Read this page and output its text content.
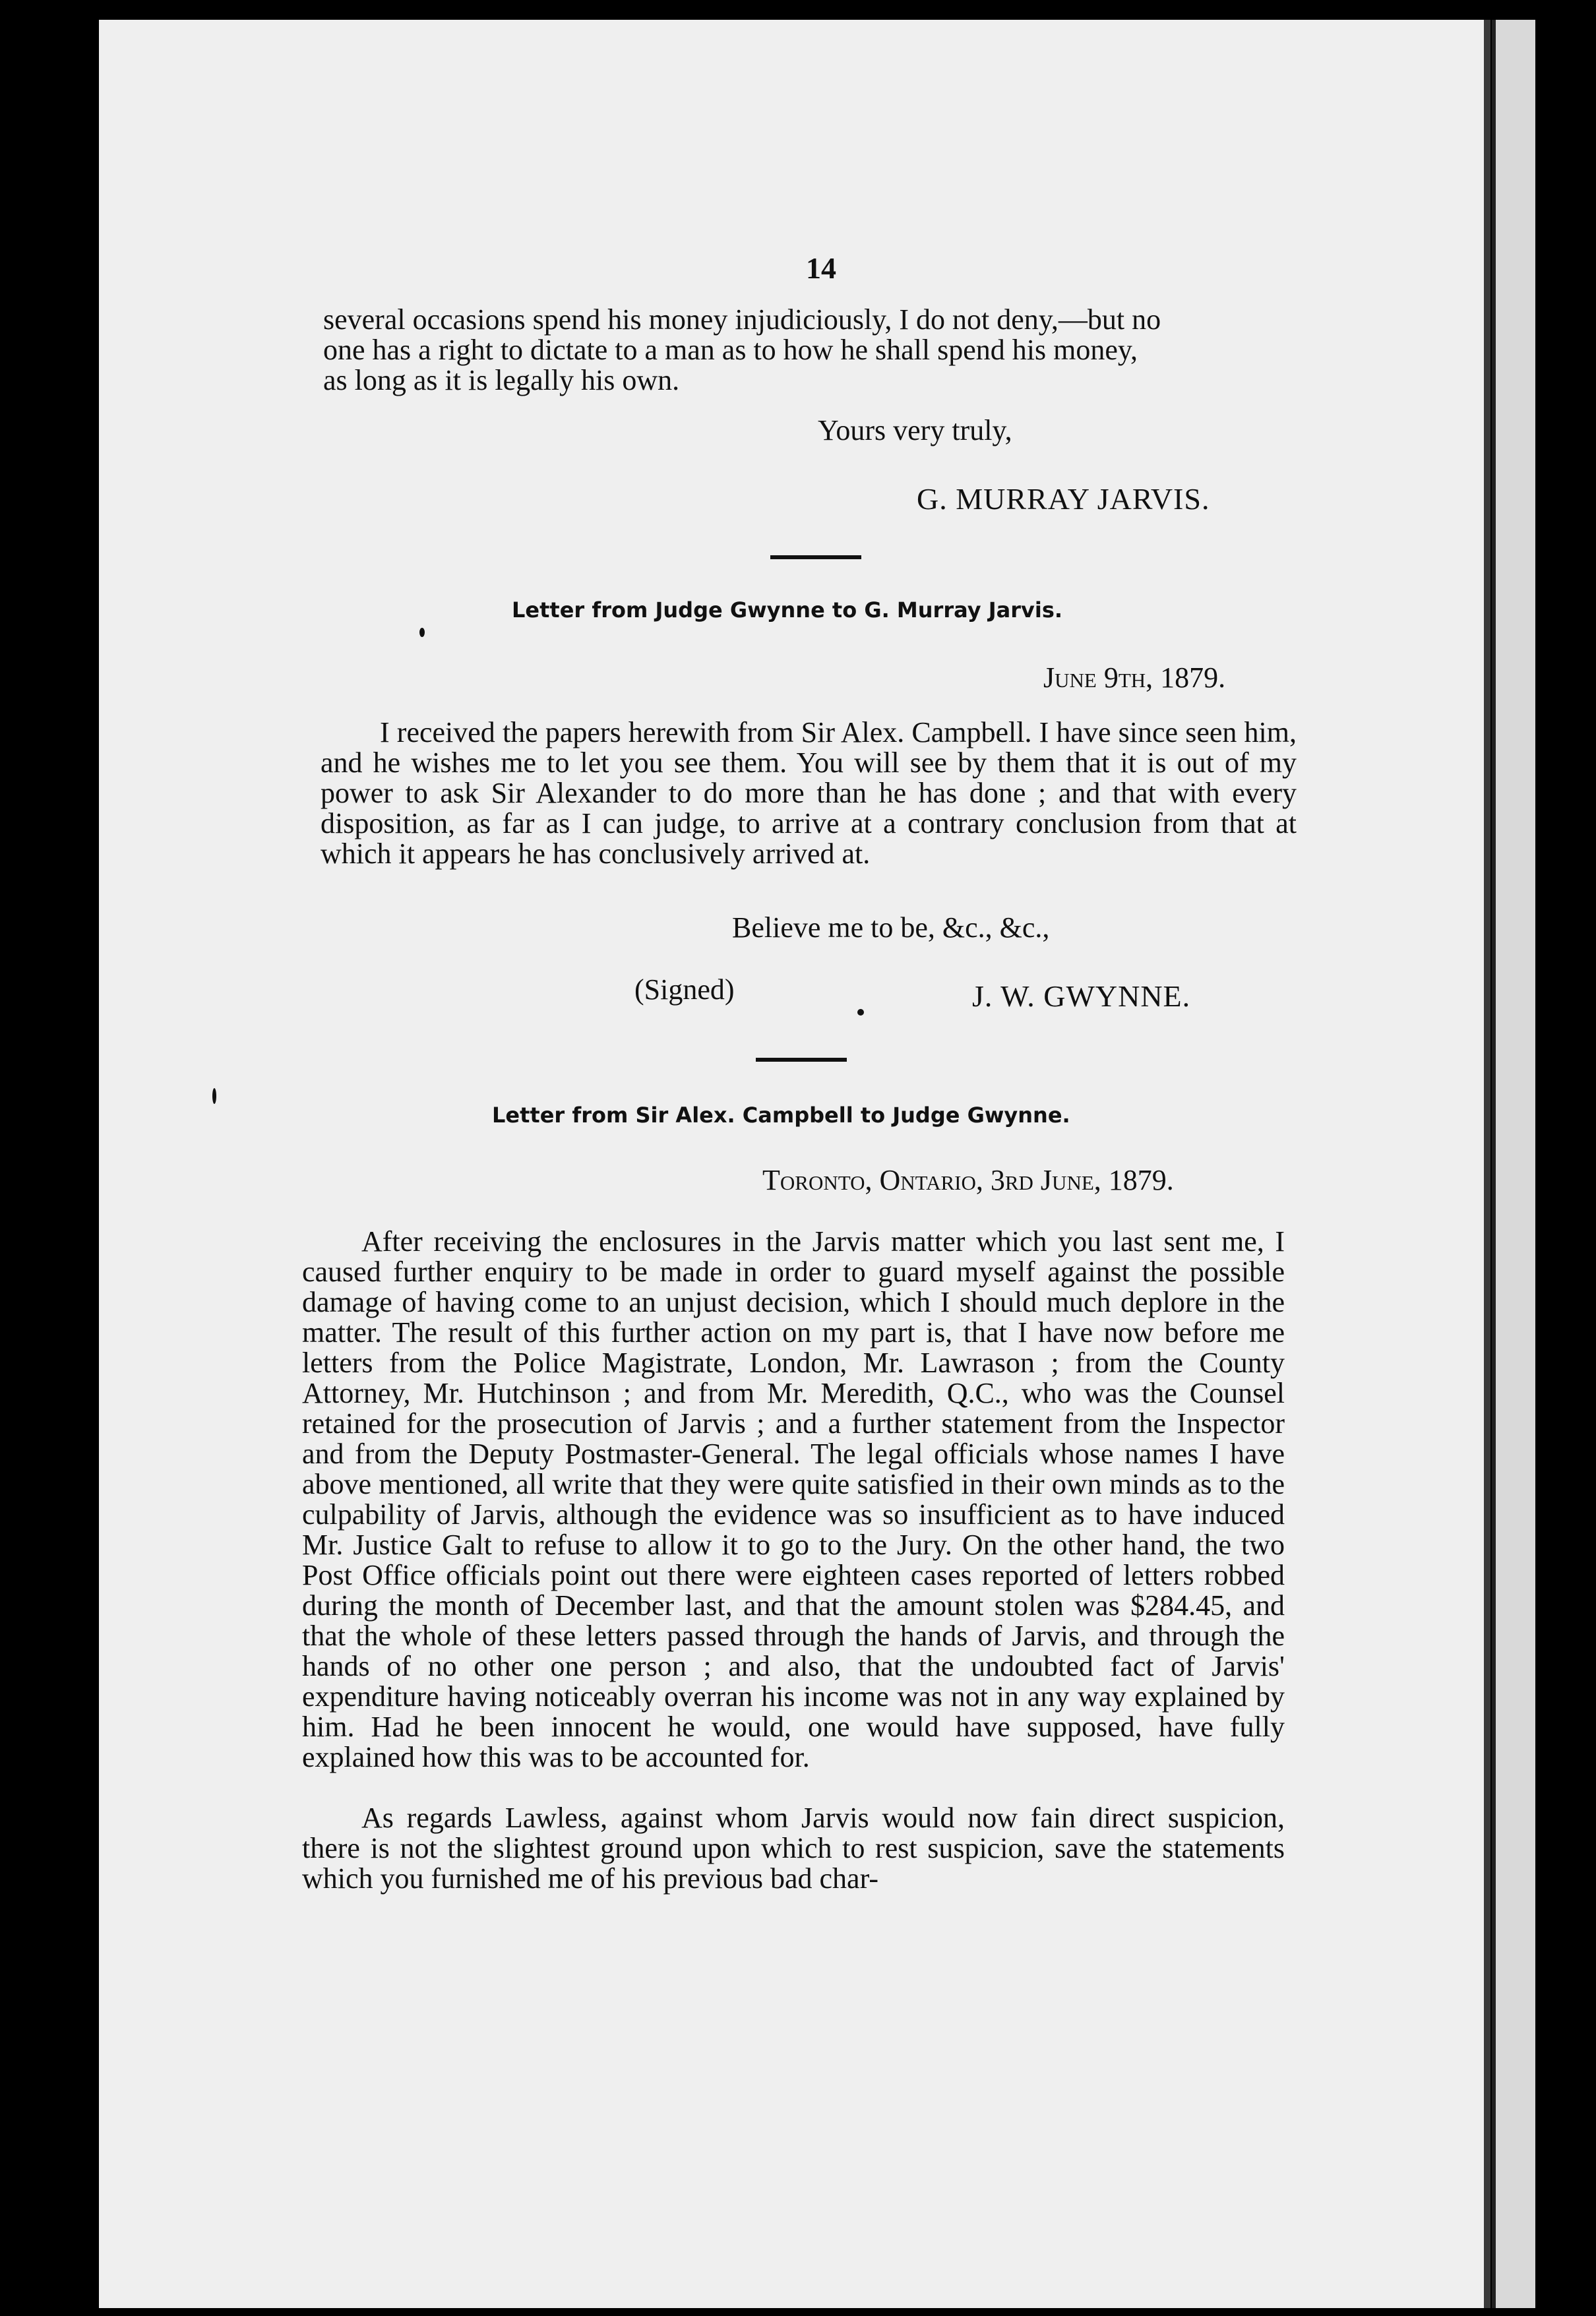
14
several occasions spend his money injudiciously, I do not deny,—but no
one has a right to dictate to a man as to how he shall spend his money,
as long as it is legally his own.
Yours very truly,
G. MURRAY JARVIS.
Letter from Judge Gwynne to G. Murray Jarvis.
June 9th, 1879.

I received the papers herewith from Sir Alex. Campbell. I have since seen him, and he wishes me to let you see them. You will see by them that it is out of my power to ask Sir Alexander to do more than he has done ; and that with every disposition, as far as I can judge, to arrive at a contrary conclusion from that at which it appears he has conclusively arrived at.

Believe me to be, &c., &c.,
(Signed)	J. W. GWYNNE.
Letter from Sir Alex. Campbell to Judge Gwynne.
Toronto, Ontario, 3rd June, 1879.

After receiving the enclosures in the Jarvis matter which you last sent me, I caused further enquiry to be made in order to guard myself against the possible damage of having come to an unjust decision, which I should much deplore in the matter. The result of this further action on my part is, that I have now before me letters from the Police Magistrate, London, Mr. Lawrason ; from the County Attorney, Mr. Hutchinson ; and from Mr. Meredith, Q.C., who was the Counsel retained for the prosecution of Jarvis ; and a further statement from the Inspector and from the Deputy Postmaster-General. The legal officials whose names I have above mentioned, all write that they were quite satisfied in their own minds as to the culpability of Jarvis, although the evidence was so insufficient as to have induced Mr. Justice Galt to refuse to allow it to go to the Jury. On the other hand, the two Post Office officials point out there were eighteen cases reported of letters robbed during the month of December last, and that the amount stolen was $284.45, and that the whole of these letters passed through the hands of Jarvis, and through the hands of no other one person ; and also, that the undoubted fact of Jarvis' expenditure having noticeably overran his income was not in any way explained by him. Had he been innocent he would, one would have supposed, have fully explained how this was to be accounted for.

As regards Lawless, against whom Jarvis would now fain direct suspicion, there is not the slightest ground upon which to rest suspicion, save the statements which you furnished me of his previous bad char-
